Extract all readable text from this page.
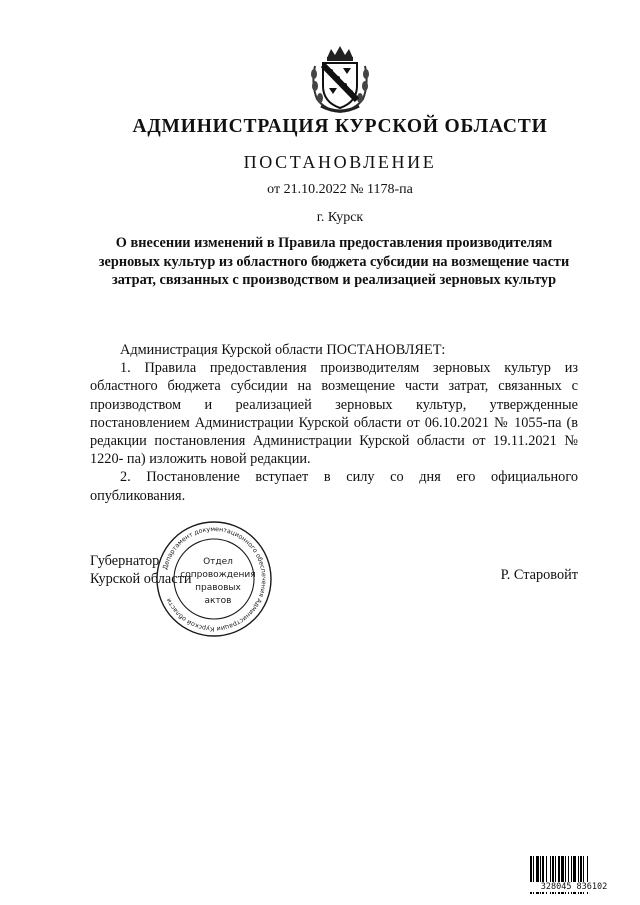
АДМИНИСТРАЦИЯ КУРСКОЙ ОБЛАСТИ
ПОСТАНОВЛЕНИЕ
от 21.10.2022 № 1178-па
г. Курск
О внесении изменений в Правила предоставления производителям зерновых культур из областного бюджета субсидии на возмещение части затрат, связанных с производством и реализацией зерновых культур

Администрация Курской области ПОСТАНОВЛЯЕТ:

1. Правила предоставления производителям зерновых культур из областного бюджета субсидии на возмещение части затрат, связанных с производством и реализацией зерновых культур, утвержденные постановлением Администрации Курской области от 06.10.2021 № 1055-па (в редакции постановления Администрации Курской области от 19.11.2021 № 1220- па) изложить новой редакции.

2. Постановление вступает в силу со дня его официального опубликования.

Губернатор
Курской области	Р. Старовойт
Департамент документационного обеспечения Администрации Курской области
Отдел
сопровождения
правовых
актов
328045 836102
